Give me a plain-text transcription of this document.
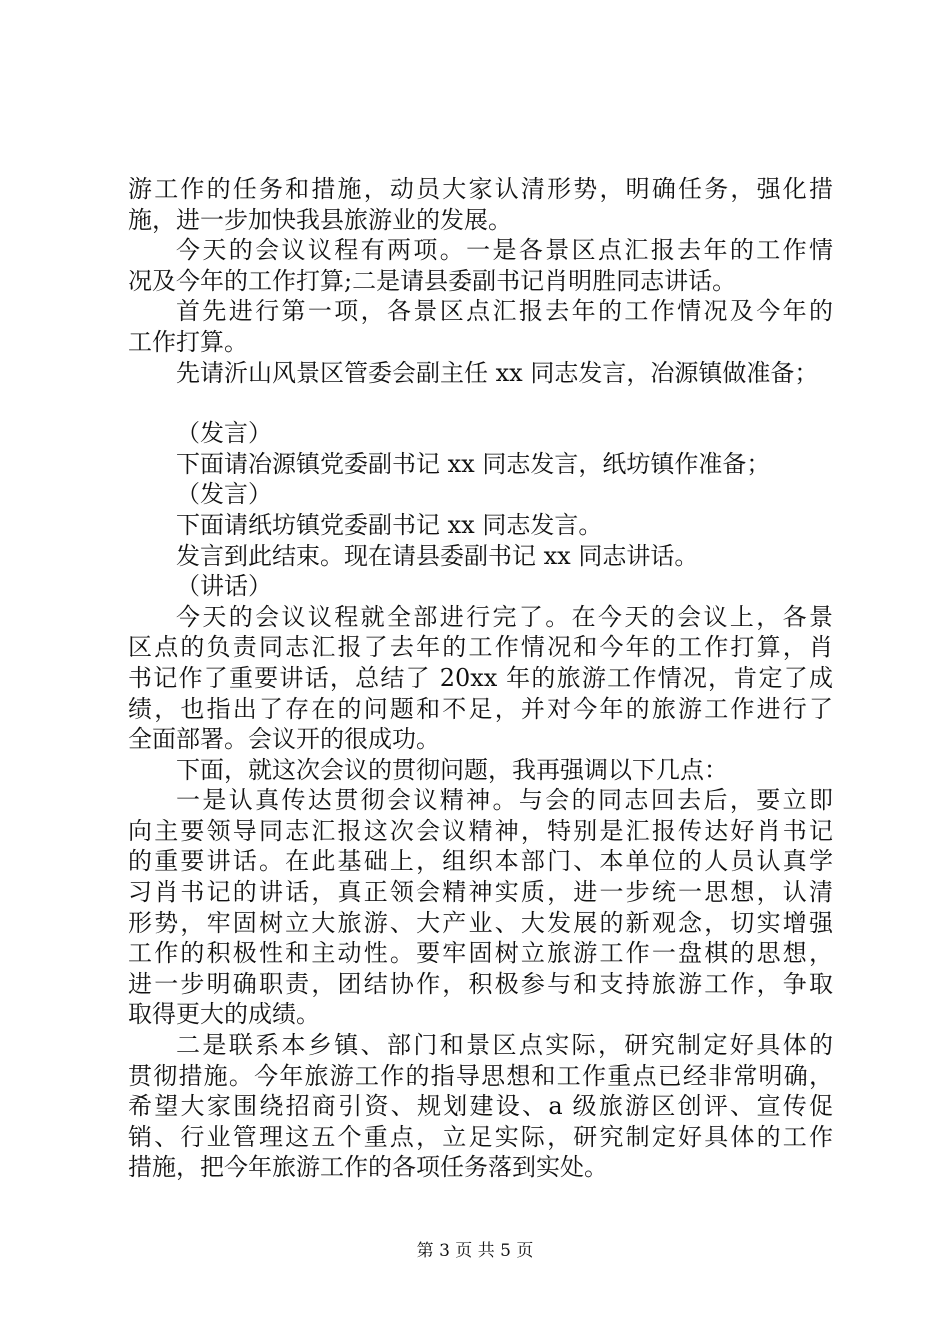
游工作的任务和措施，动员大家认清形势，明确任务，强化措
施，进一步加快我县旅游业的发展。
今天的会议议程有两项。一是各景区点汇报去年的工作情
况及今年的工作打算;二是请县委副书记肖明胜同志讲话。
首先进行第一项，各景区点汇报去年的工作情况及今年的
工作打算。
先请沂山风景区管委会副主任 xx 同志发言，冶源镇做准备；
（发言）
下面请冶源镇党委副书记 xx 同志发言，纸坊镇作准备；
（发言）
下面请纸坊镇党委副书记 xx 同志发言。
发言到此结束。现在请县委副书记 xx 同志讲话。
（讲话）
今天的会议议程就全部进行完了。在今天的会议上，各景
区点的负责同志汇报了去年的工作情况和今年的工作打算，肖
书记作了重要讲话，总结了 20xx 年的旅游工作情况，肯定了成
绩，也指出了存在的问题和不足，并对今年的旅游工作进行了
全面部署。会议开的很成功。
下面，就这次会议的贯彻问题，我再强调以下几点：
一是认真传达贯彻会议精神。与会的同志回去后，要立即
向主要领导同志汇报这次会议精神，特别是汇报传达好肖书记
的重要讲话。在此基础上，组织本部门、本单位的人员认真学
习肖书记的讲话，真正领会精神实质，进一步统一思想，认清
形势，牢固树立大旅游、大产业、大发展的新观念，切实增强
工作的积极性和主动性。要牢固树立旅游工作一盘棋的思想，
进一步明确职责，团结协作，积极参与和支持旅游工作，争取
取得更大的成绩。
二是联系本乡镇、部门和景区点实际，研究制定好具体的
贯彻措施。今年旅游工作的指导思想和工作重点已经非常明确，
希望大家围绕招商引资、规划建设、a 级旅游区创评、宣传促
销、行业管理这五个重点，立足实际，研究制定好具体的工作
措施，把今年旅游工作的各项任务落到实处。
第 3 页 共 5 页
